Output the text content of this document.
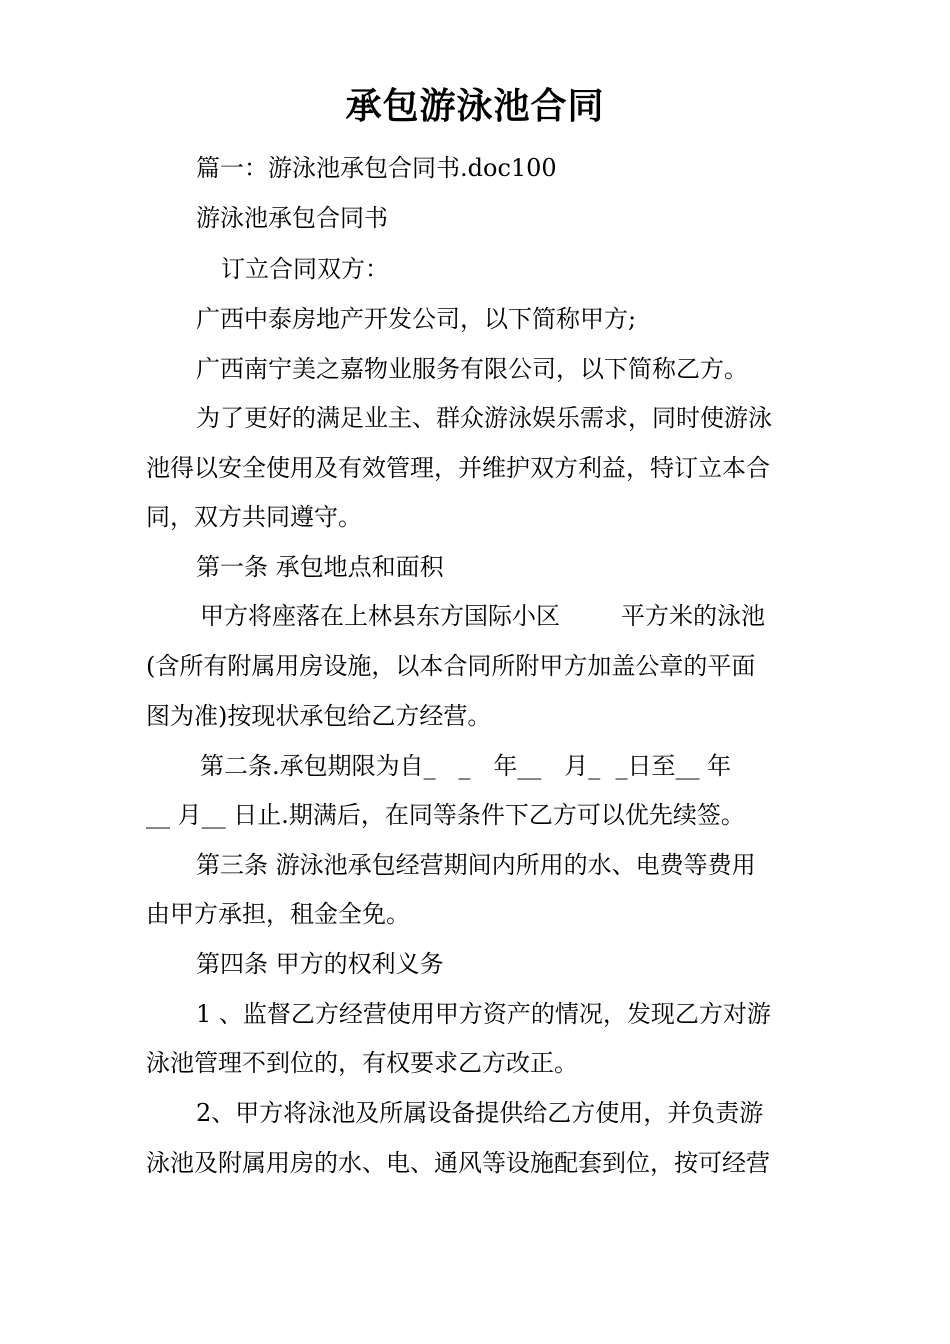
承包游泳池合同

篇一：游泳池承包合同书.doc100

游泳池承包合同书

订立合同双方：

广西中泰房地产开发公司，以下简称甲方;

广西南宁美之嘉物业服务有限公司，以下简称乙方。

为了更好的满足业主、群众游泳娱乐需求，同时使游泳

池得以安全使用及有效管理，并维护双方利益，特订立本合

同，双方共同遵守。

第一条 承包地点和面积

甲方将座落在上林县东方国际小区        平方米的泳池

(含所有附属用房设施，以本合同所附甲方加盖公章的平面

图为准)按现状承包给乙方经营。

第二条.承包期限为自_   _   年__   月_  _日至__ 年

__ 月__ 日止.期满后，在同等条件下乙方可以优先续签。

第三条 游泳池承包经营期间内所用的水、电费等费用

由甲方承担，租金全免。

第四条 甲方的权利义务

1 、监督乙方经营使用甲方资产的情况，发现乙方对游

泳池管理不到位的，有权要求乙方改正。

2、甲方将泳池及所属设备提供给乙方使用，并负责游

泳池及附属用房的水、电、通风等设施配套到位，按可经营
